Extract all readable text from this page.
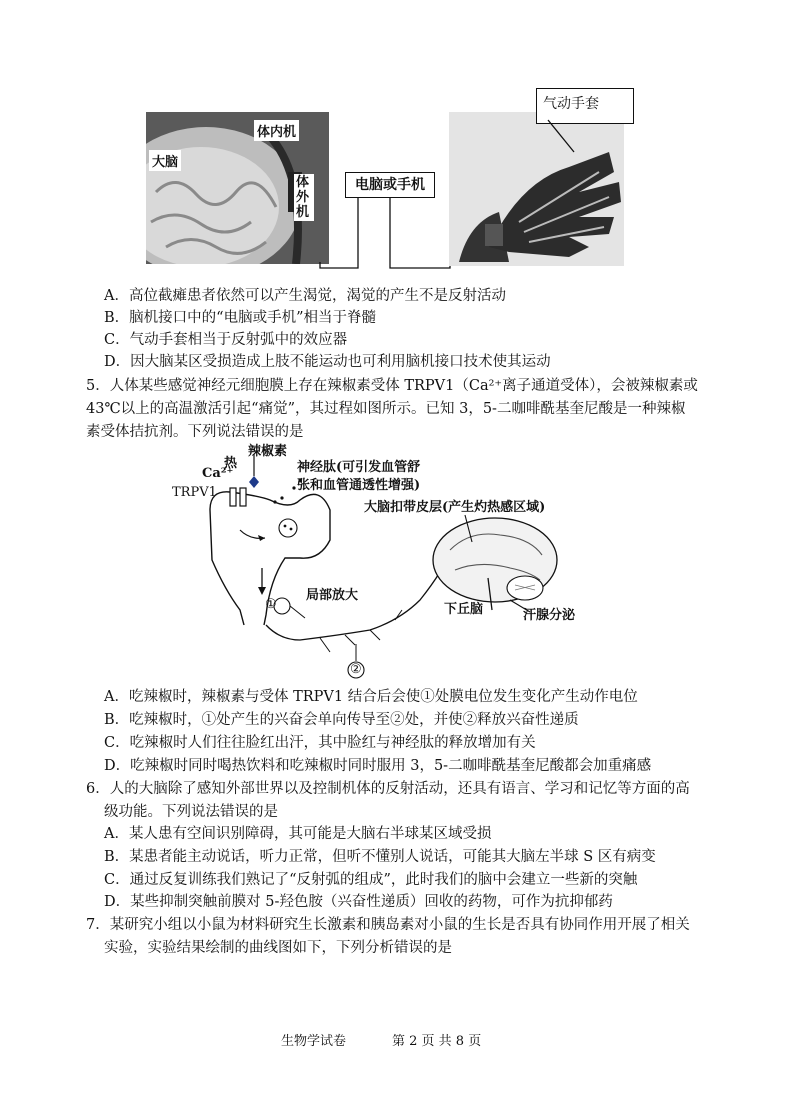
大脑
体内机
体外机
电脑或手机
气动手套
A．高位截瘫患者依然可以产生渴觉，渴觉的产生不是反射活动
B．脑机接口中的“电脑或手机”相当于脊髓
C．气动手套相当于反射弧中的效应器
D．因大脑某区受损造成上肢不能运动也可利用脑机接口技术使其运动
5．人体某些感觉神经元细胞膜上存在辣椒素受体 TRPV1（Ca²⁺离子通道受体），会被辣椒素或
43℃以上的高温激活引起“痛觉”，其过程如图所示。已知 3，5-二咖啡酰基奎尼酸是一种辣椒
素受体拮抗剂。下列说法错误的是
辣椒素
热
Ca²⁺
TRPV1
神经肽(可引发血管舒
张和血管通透性增强)
大脑扣带皮层(产生灼热感区域)
局部放大
下丘脑	汗腺分泌
①
②
A．吃辣椒时，辣椒素与受体 TRPV1 结合后会使①处膜电位发生变化产生动作电位
B．吃辣椒时，①处产生的兴奋会单向传导至②处，并使②释放兴奋性递质
C．吃辣椒时人们往往脸红出汗，其中脸红与神经肽的释放增加有关
D．吃辣椒时同时喝热饮料和吃辣椒时同时服用 3，5-二咖啡酰基奎尼酸都会加重痛感
6．人的大脑除了感知外部世界以及控制机体的反射活动，还具有语言、学习和记忆等方面的高
级功能。下列说法错误的是
A．某人患有空间识别障碍，其可能是大脑右半球某区域受损
B．某患者能主动说话，听力正常，但听不懂别人说话，可能其大脑左半球 S 区有病变
C．通过反复训练我们熟记了“反射弧的组成”，此时我们的脑中会建立一些新的突触
D．某些抑制突触前膜对 5-羟色胺（兴奋性递质）回收的药物，可作为抗抑郁药
7．某研究小组以小鼠为材料研究生长激素和胰岛素对小鼠的生长是否具有协同作用开展了相关
实验，实验结果绘制的曲线图如下，下列分析错误的是
生物学试卷	第 2 页 共 8 页
